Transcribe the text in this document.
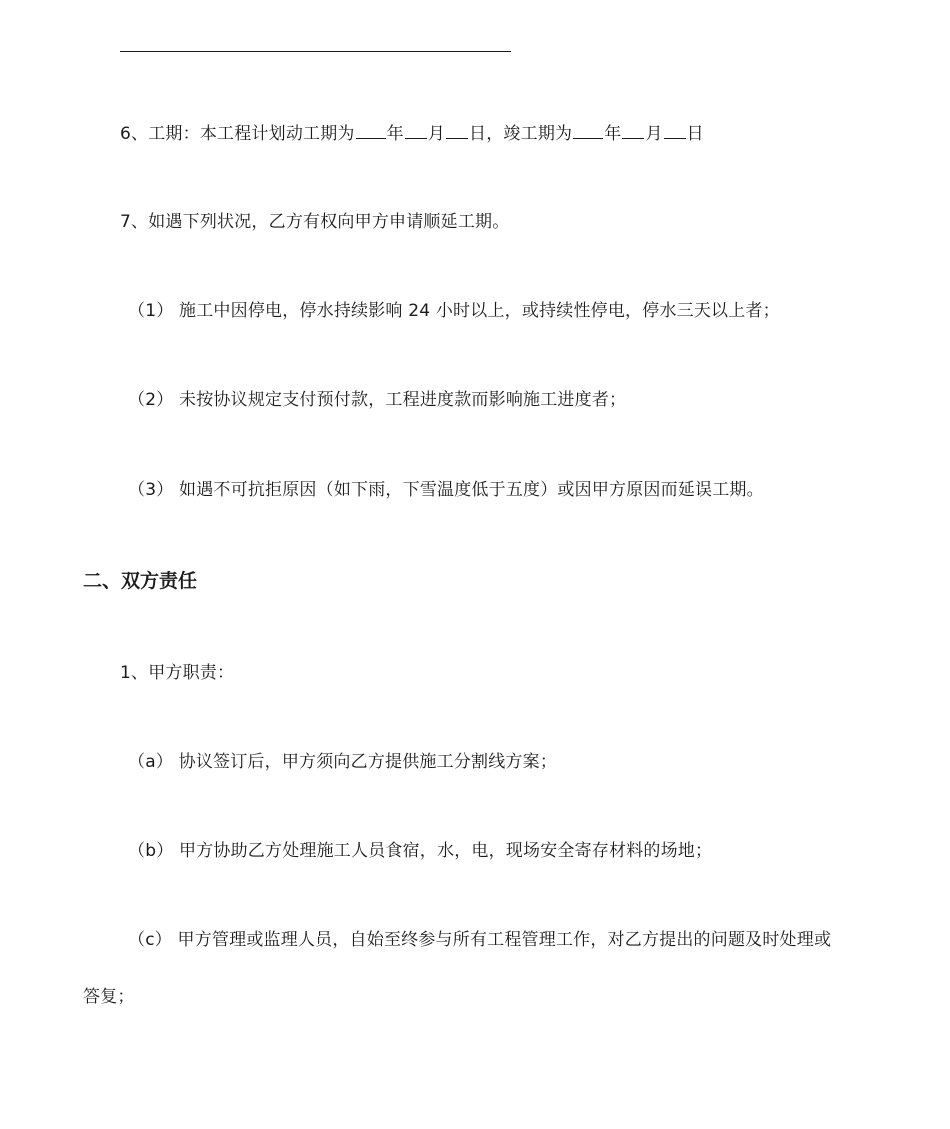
6、工期：本工程计划动工期为 年 月 日，竣工期为 年 月 日
7、如遇下列状况，乙方有权向甲方申请顺延工期。
（1） 施工中因停电，停水持续影响 24 小时以上，或持续性停电，停水三天以上者；
（2） 未按协议规定支付预付款，工程进度款而影响施工进度者；
（3） 如遇不可抗拒原因（如下雨，下雪温度低于五度）或因甲方原因而延误工期。
二、双方责任
1、甲方职责：
（a） 协议签订后，甲方须向乙方提供施工分割线方案；
（b） 甲方协助乙方处理施工人员食宿，水，电，现场安全寄存材料的场地；
（c） 甲方管理或监理人员，自始至终参与所有工程管理工作，对乙方提出的问题及时处理或
答复；
